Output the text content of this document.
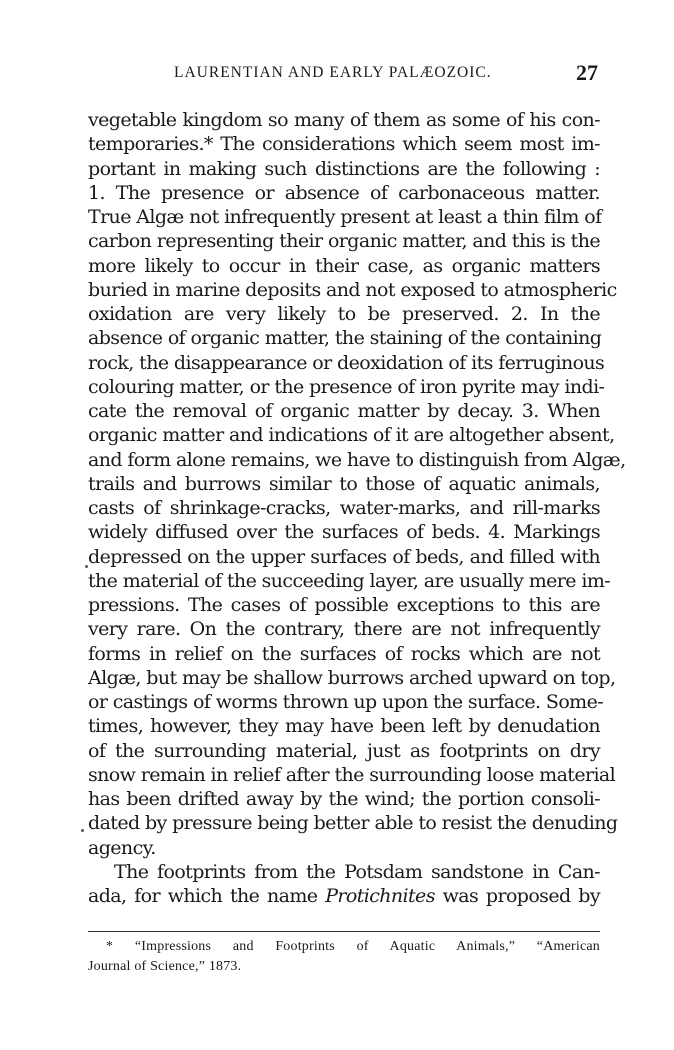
LAURENTIAN AND EARLY PALÆOZOIC.	27
vegetable kingdom so many of them as some of his con-
temporaries.* The considerations which seem most im-
portant in making such distinctions are the following :
1. The presence or absence of carbonaceous matter.
True Algæ not infrequently present at least a thin film of
carbon representing their organic matter, and this is the
more likely to occur in their case, as organic matters
buried in marine deposits and not exposed to atmospheric
oxidation are very likely to be preserved. 2. In the
absence of organic matter, the staining of the containing
rock, the disappearance or deoxidation of its ferruginous
colouring matter, or the presence of iron pyrite may indi-
cate the removal of organic matter by decay. 3. When
organic matter and indications of it are altogether absent,
and form alone remains, we have to distinguish from Algæ,
trails and burrows similar to those of aquatic animals,
casts of shrinkage-cracks, water-marks, and rill-marks
widely diffused over the surfaces of beds. 4. Markings
depressed on the upper surfaces of beds, and filled with
the material of the succeeding layer, are usually mere im-
pressions. The cases of possible exceptions to this are
very rare. On the contrary, there are not infrequently
forms in relief on the surfaces of rocks which are not
Algæ, but may be shallow burrows arched upward on top,
or castings of worms thrown up upon the surface. Some-
times, however, they may have been left by denudation
of the surrounding material, just as footprints on dry
snow remain in relief after the surrounding loose material
has been drifted away by the wind; the portion consoli-
dated by pressure being better able to resist the denuding
agency.
The footprints from the Potsdam sandstone in Can-
ada, for which the name Protichnites was proposed by
* “Impressions and Footprints of Aquatic Animals,” “American
Journal of Science,” 1873.
